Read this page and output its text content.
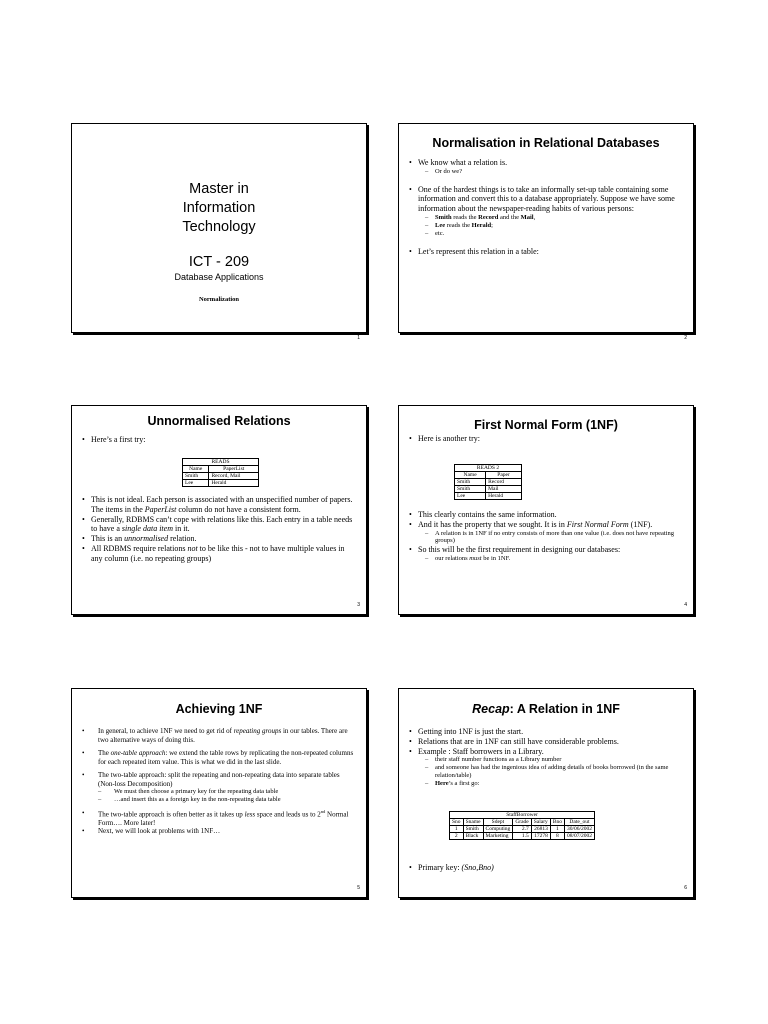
Master in
Information
Technology
ICT - 209
Database Applications
Normalization
1
Normalisation in Relational Databases
• We know what a relation is.
– Or do we?
• One of the hardest things is to take an informally set-up table containing some information and convert this to a database appropriately. Suppose we have some information about the newspaper-reading habits of various persons:
– Smith reads the Record and the Mail,
– Lee reads the Herald;
– etc.
• Let’s represent this relation in a table:
2
Unnormalised Relations
• Here’s a first try:
READS	
Name	PaperList
Smith	Record, Mail
Lee	Herald
• This is not ideal. Each person is associated with an unspecified number of papers. The items in the PaperList column do not have a consistent form.
• Generally, RDBMS can’t cope with relations like this. Each entry in a table needs to have a single data item in it.
• This is an unnormalised relation.
• All RDBMS require relations not to be like this - not to have multiple values in any column (i.e. no repeating groups)
3
First Normal Form (1NF)
• Here is another try:
READS 2	
Name	Paper
Smith	Record
Smith	Mail
Lee	Herald
• This clearly contains the same information.
• And it has the property that we sought. It is in First Normal Form (1NF).
– A relation is in 1NF if no entry consists of more than one value (i.e. does not have repeating groups)
• So this will be the first requirement in designing our databases:
– our relations must be in 1NF.
4
Achieving 1NF
• In general, to achieve 1NF we need to get rid of repeating groups in our tables. There are two alternative ways of doing this.
• The one-table approach: we extend the table rows by replicating the non-repeated columns for each repeated item value. This is what we did in the last slide.
• The two-table approach: split the repeating and non-repeating data into separate tables (Non-loss Decomposition)
– We must then choose a primary key for the repeating data table
– …and insert this as a foreign key in the non-repeating data table
• The two-table approach is often better as it takes up less space and leads us to 2nd Normal Form…. More later!
• Next, we will look at problems with 1NF…
5
Recap: A Relation in 1NF
• Getting into 1NF is just the start.
• Relations that are in 1NF can still have considerable problems.
• Example : Staff borrowers in a Library.
– their staff number functions as a Library number
– and someone has had the ingenious idea of adding details of books borrowed (in the same relation/table)
– Here’s a first go:
StaffBorrower						
Sno	Sname	Sdept	Grade	Salary	Bno	Date_out
1	Smith	Computing	2.7	26813	1	30/06/2002
2	Black	Marketing	1.5	17278	8	08/07/2002
• Primary key: (Sno,Bno)
6
